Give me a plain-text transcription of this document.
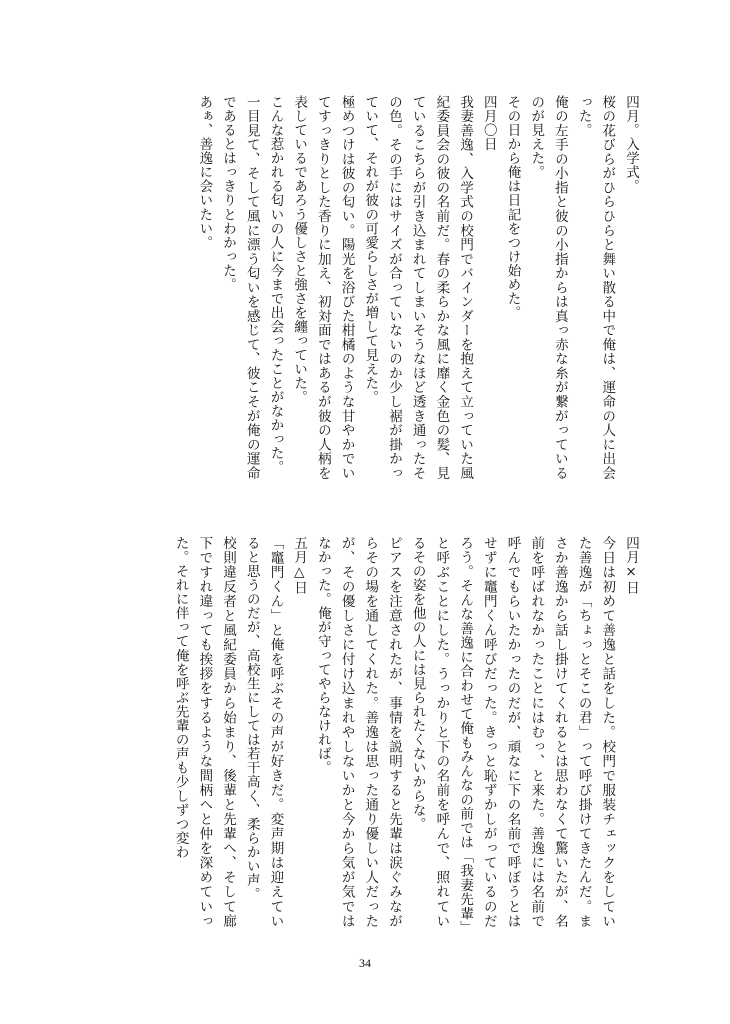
四月。入学式。

桜の花びらがひらひらと舞い散る中で俺は、運命の人に出会った。

俺の左手の小指と彼の小指からは真っ赤な糸が繋がっているのが見えた。

その日から俺は日記をつけ始めた。

四月〇日

我妻善逸、入学式の校門でバインダーを抱えて立っていた風紀委員会の彼の名前だ。春の柔らかな風に靡く金色の髪、見ているこちらが引き込まれてしまいそうなほど透き通ったその色。その手にはサイズが合っていないのか少し裾が掛かっていて、それが彼の可愛らしさが増して見えた。

極めつけは彼の匂い。陽光を浴びた柑橘のような甘やかでいてすっきりとした香りに加え、初対面ではあるが彼の人柄を表しているであろう優しさと強さを纏っていた。

こんな惹かれる匂いの人に今まで出会ったことがなかった。

一目見て、そして風に漂う匂いを感じて、彼こそが俺の運命であるとはっきりとわかった。

あぁ、善逸に会いたい。

四月×日

今日は初めて善逸と話をした。校門で服装チェックをしていた善逸が「ちょっとそこの君」って呼び掛けてきたんだ。まさか善逸から話し掛けてくれるとは思わなくて驚いたが、名前を呼ばれなかったことにはむっ、と来た。善逸には名前で呼んでもらいたかったのだが、頑なに下の名前で呼ぼうとはせずに竈門くん呼びだった。きっと恥ずかしがっているのだろう。そんな善逸に合わせて俺もみんなの前では「我妻先輩」と呼ぶことにした。うっかりと下の名前を呼んで、照れているその姿を他の人には見られたくないからな。

ピアスを注意されたが、事情を説明すると先輩は涙ぐみながらその場を通してくれた。善逸は思った通り優しい人だったが、その優しさに付け込まれやしないかと今から気が気ではなかった。俺が守ってやらなければ。

五月△日

「竈門くん」と俺を呼ぶその声が好きだ。変声期は迎えていると思うのだが、高校生にしては若干高く、柔らかい声。

校則違反者と風紀委員から始まり、後輩と先輩へ、そして廊下ですれ違っても挨拶をするような間柄へと仲を深めていった。それに伴って俺を呼ぶ先輩の声も少しずつ変わ

34
